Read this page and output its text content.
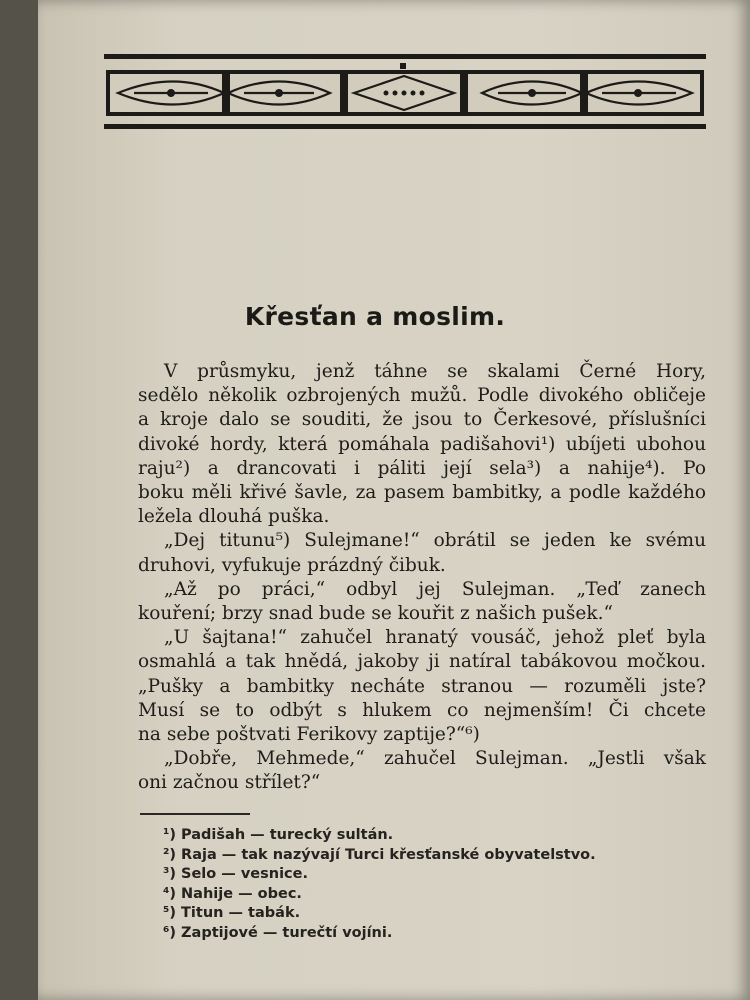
Křesťan a moslim.
V průsmyku, jenž táhne se skalami Černé Hory,
sedělo několik ozbrojených mužů. Podle divokého obličeje
a kroje dalo se souditi, že jsou to Čerkesové, příslušníci
divoké hordy, která pomáhala padišahovi¹) ubíjeti ubohou
raju²) a drancovati i páliti její sela³) a nahije⁴). Po
boku měli křivé šavle, za pasem bambitky, a podle každého
ležela dlouhá puška.
„Dej titunu⁵) Sulejmane!“ obrátil se jeden ke svému
druhovi, vyfukuje prázdný čibuk.
„Až po práci,“ odbyl jej Sulejman. „Teď zanech
kouření; brzy snad bude se kouřit z našich pušek.“
„U šajtana!“ zahučel hranatý vousáč, jehož pleť byla
osmahlá a tak hnědá, jakoby ji natíral tabákovou močkou.
„Pušky a bambitky necháte stranou — rozuměli jste?
Musí se to odbýt s hlukem co nejmenším! Či chcete
na sebe poštvati Ferikovy zaptije?“⁶)
„Dobře, Mehmede,“ zahučel Sulejman. „Jestli však
oni začnou střílet?“
¹) Padišah — turecký sultán.
²) Raja — tak nazývají Turci křesťanské obyvatelstvo.
³) Selo — vesnice.
⁴) Nahije — obec.
⁵) Titun — tabák.
⁶) Zaptijové — turečtí vojíni.
